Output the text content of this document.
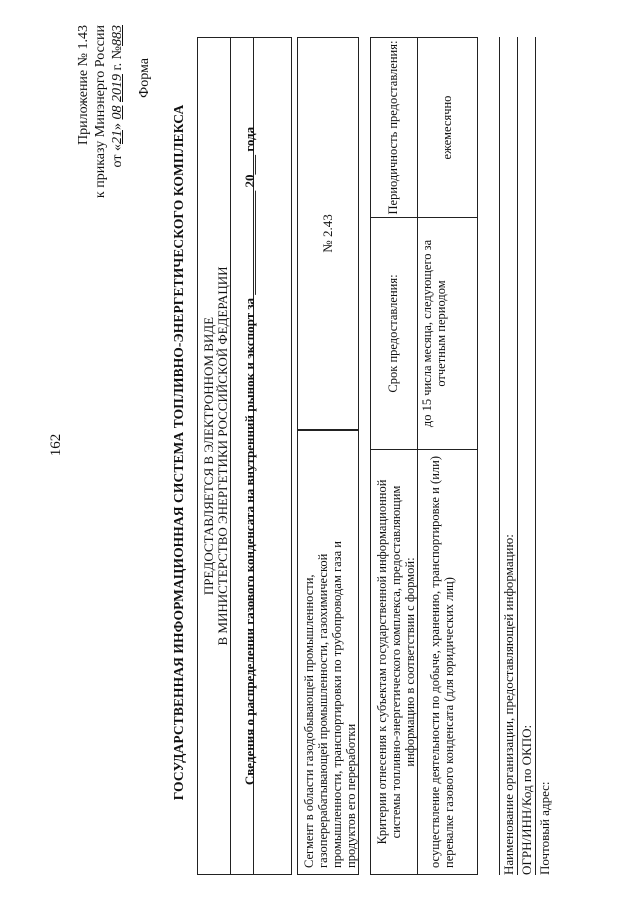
162
Приложение № 1.43 к приказу Минэнерго России от «21» 08 2019 г. №883
Форма
ГОСУДАРСТВЕННАЯ ИНФОРМАЦИОННАЯ СИСТЕМА ТОПЛИВНО-ЭНЕРГЕТИЧЕСКОГО КОМПЛЕКСА ПРЕДОСТАВЛЯЕТСЯ В ЭЛЕКТРОННОМ ВИДЕ В МИНИСТЕРСТВО ЭНЕРГЕТИКИ РОССИЙСКОЙ ФЕДЕРАЦИИ Сведения о распределении газового конденсата на внутренний рынок и экспорт за ________________ 20___ года	Сегмент в области газодобывающей промышленности, газоперерабатывающей промышленности, газохимической промышленности, транспортировки по трубопроводам газа и продуктов его переработки
№ 2.43
Критерии отнесения к субъектам государственной информационной системы топливно-энергетического комплекса, предоставляющим информацию в соответствии с формой:
Срок предоставления:
Периодичность предоставления:
осуществление деятельности по добыче, хранению, транспортировке и (или) перевалке газового конденсата (для юридических лиц)
до 15 числа месяца, следующего за отчетным периодом
ежемесячно
Наименование организации, предоставляющей информацию: ОГРН/ИНН/Код по ОКПО: Почтовый адрес:
